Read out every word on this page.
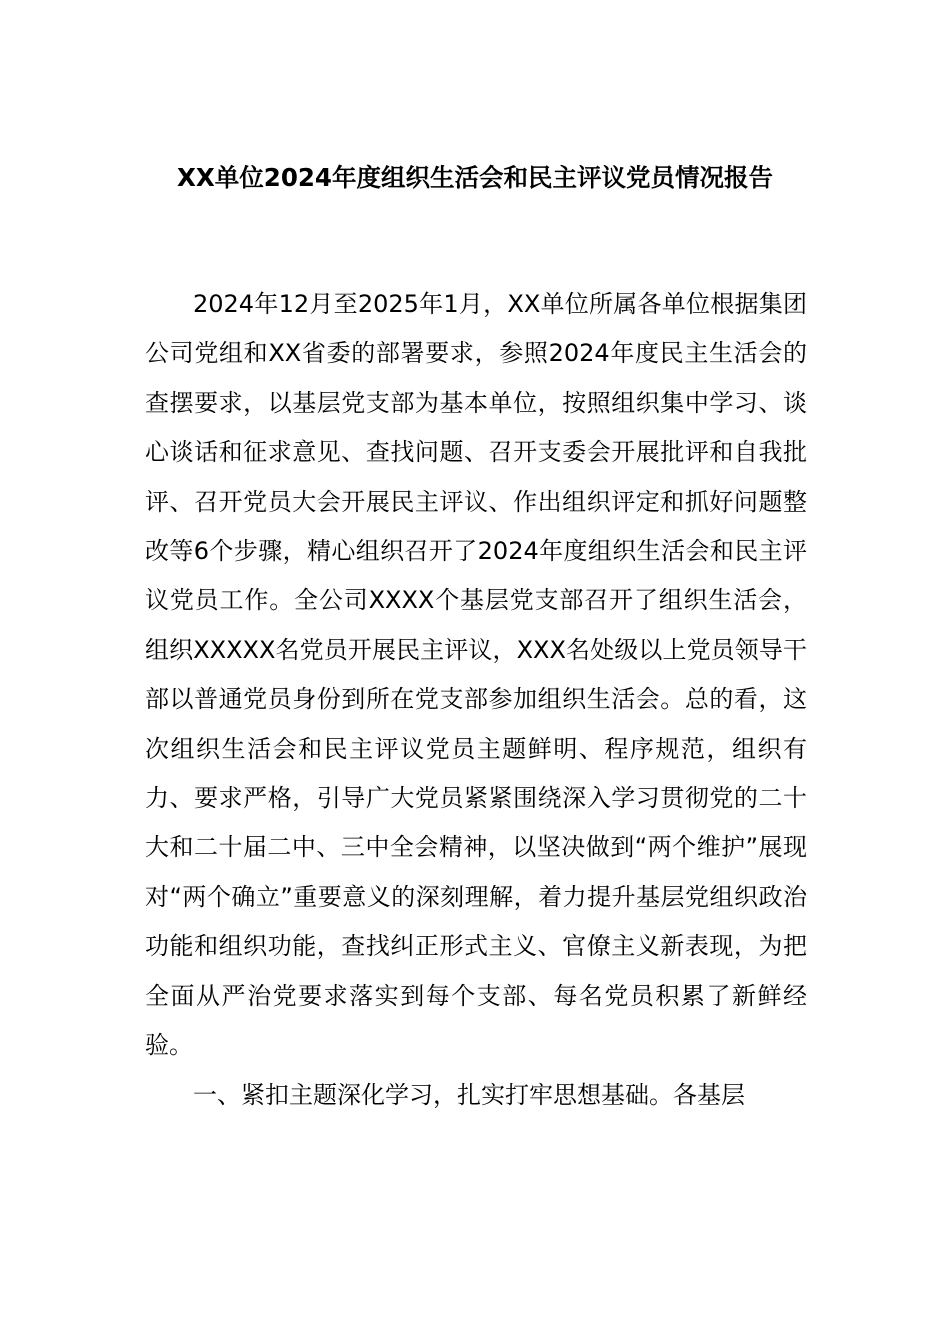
XX单位2024年度组织生活会和民主评议党员情况报告

2024年12月至2025年1月，XX单位所属各单位根据集团公司党组和XX省委的部署要求，参照2024年度民主生活会的查摆要求，以基层党支部为基本单位，按照组织集中学习、谈心谈话和征求意见、查找问题、召开支委会开展批评和自我批评、召开党员大会开展民主评议、作出组织评定和抓好问题整改等6个步骤，精心组织召开了2024年度组织生活会和民主评议党员工作。全公司XXXX个基层党支部召开了组织生活会，组织XXXXX名党员开展民主评议，XXX名处级以上党员领导干部以普通党员身份到所在党支部参加组织生活会。总的看，这次组织生活会和民主评议党员主题鲜明、程序规范，组织有力、要求严格，引导广大党员紧紧围绕深入学习贯彻党的二十大和二十届二中、三中全会精神，以坚决做到“两个维护”展现对“两个确立”重要意义的深刻理解，着力提升基层党组织政治功能和组织功能，查找纠正形式主义、官僚主义新表现，为把全面从严治党要求落实到每个支部、每名党员积累了新鲜经验。

一、紧扣主题深化学习，扎实打牢思想基础。各基层
